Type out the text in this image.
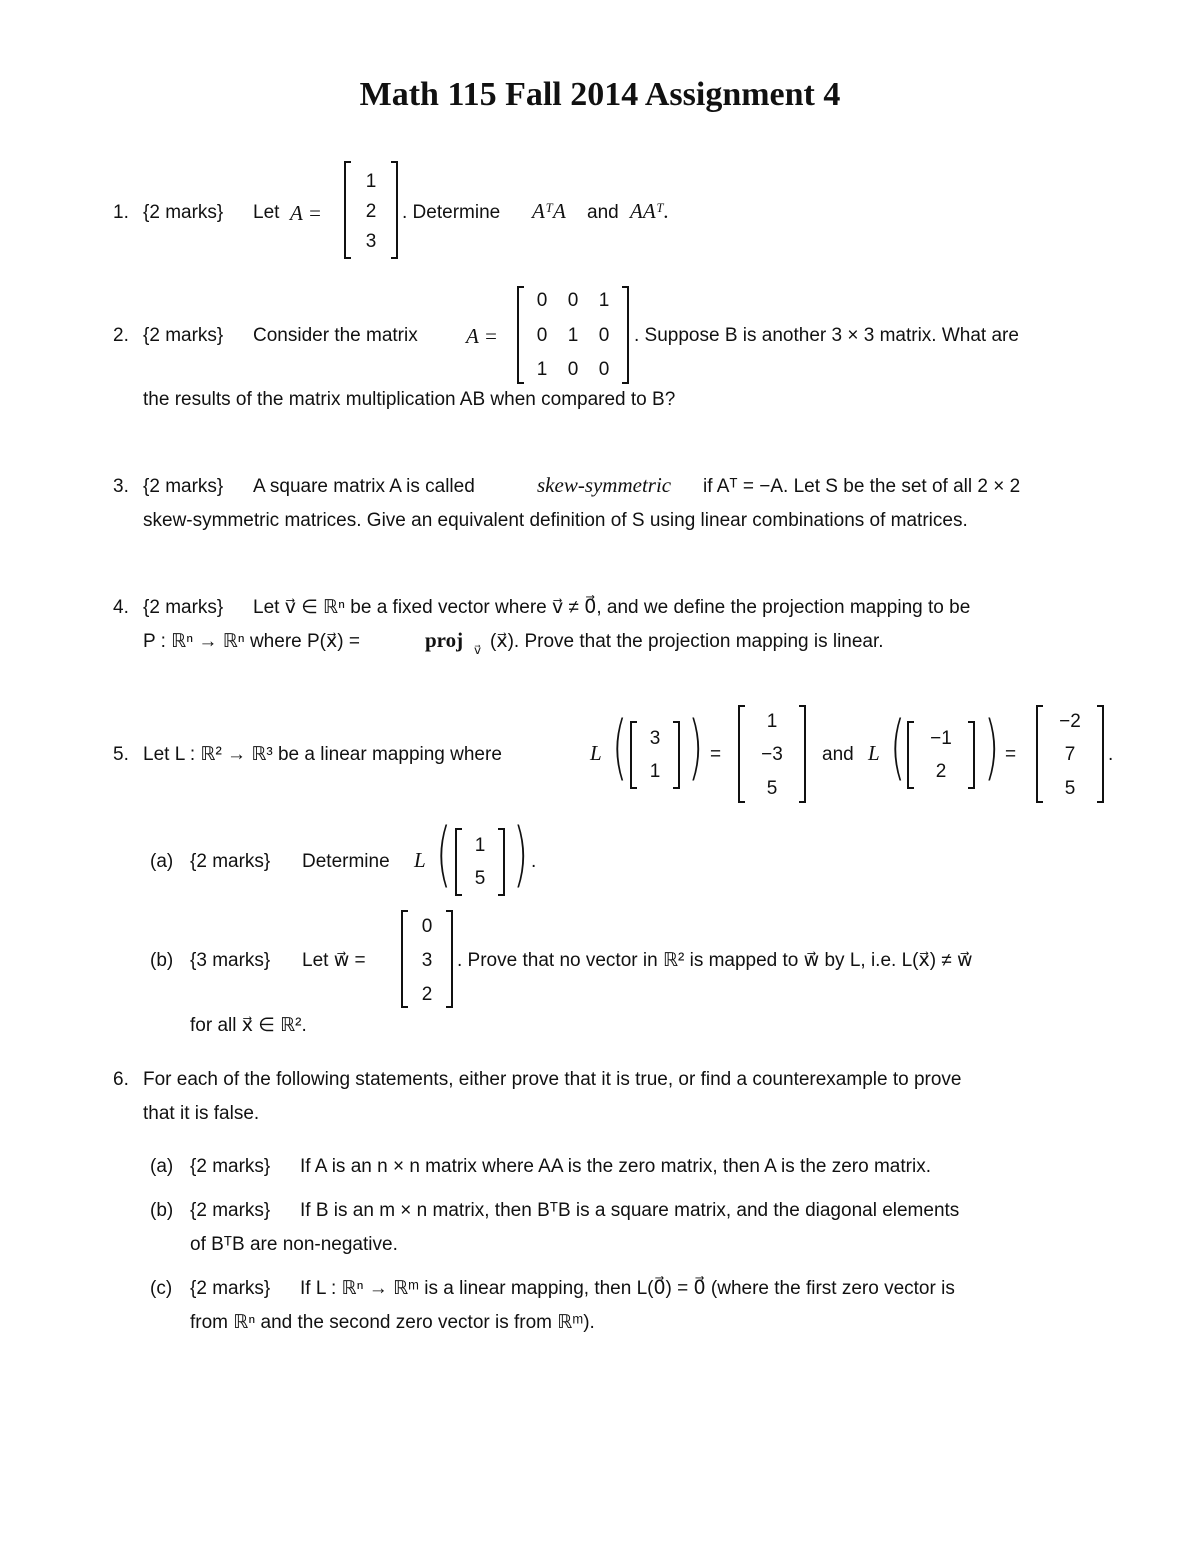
Math 115 Fall 2014 Assignment 4
1. {2 marks} Let A =
1
2
3
. Determine AᵀA and AAᵀ.
2. {2 marks} Consider the matrix A =
0	0	1
0	1	0
1	0	0
. Suppose B is another 3 × 3 matrix. What are
the results of the matrix multiplication AB when compared to B?
3. {2 marks} A square matrix A is called	skew-symmetric if Aᵀ = −A. Let S be the set of all 2 × 2
skew-symmetric matrices. Give an equivalent definition of S using linear combinations of matrices.
4. {2 marks} Let v⃗ ∈ ℝⁿ be a fixed vector where v⃗ ≠ 0⃗, and we define the projection mapping to be
P : ℝⁿ → ℝⁿ where P(x⃗) =	proj v⃗ (x⃗). Prove that the projection mapping is linear.
5. Let L : ℝ² → ℝ³ be a linear mapping where	L (	3
1 ) =
1
−3
5
and L ( −1
2 ) =
−2
7
5
.
(a) {2 marks} Determine L (	1
5 ) .
(b) {3 marks} Let w⃗ =
0
3
2
. Prove that no vector in ℝ² is mapped to w⃗ by L, i.e. L(x⃗) ≠ w⃗
for all x⃗ ∈ ℝ².
6. For each of the following statements, either prove that it is true, or find a counterexample to prove
that it is false.
(a) {2 marks} If A is an n × n matrix where AA is the zero matrix, then A is the zero matrix.
(b) {2 marks} If B is an m × n matrix, then BᵀB is a square matrix, and the diagonal elements
of BᵀB are non-negative.
(c) {2 marks} If L : ℝⁿ → ℝᵐ is a linear mapping, then L(0⃗) = 0⃗ (where the first zero vector is
from ℝⁿ and the second zero vector is from ℝᵐ).
